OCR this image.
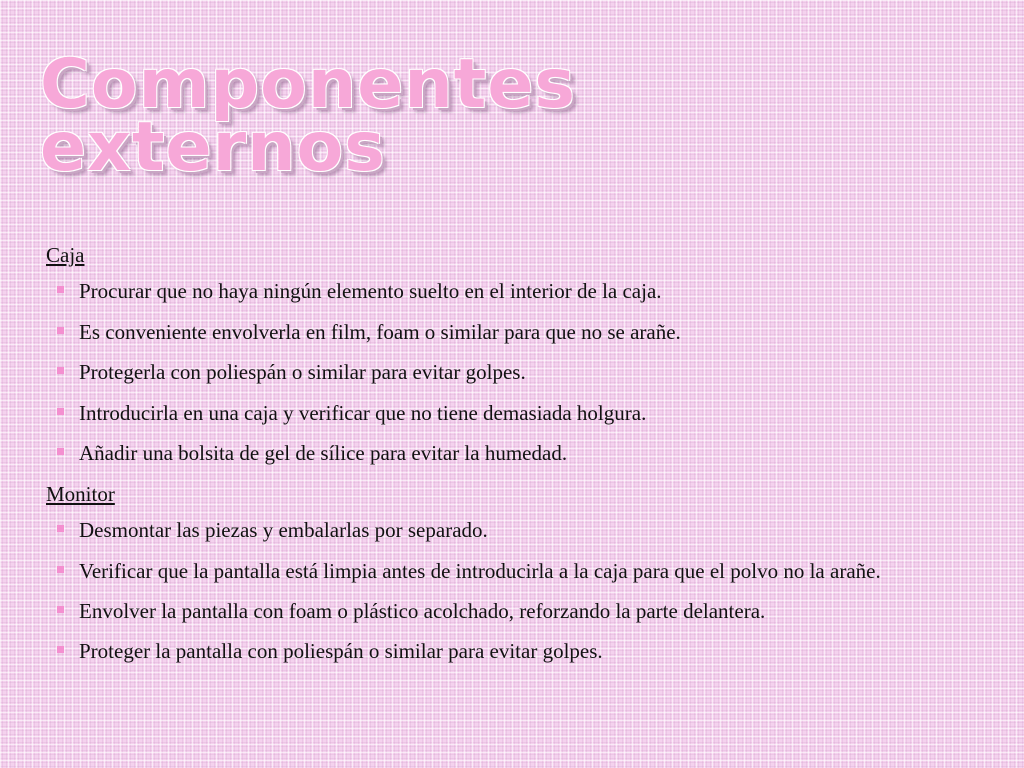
Componentes
externos

Caja

Procurar que no haya ningún elemento suelto en el interior de la caja.
Es conveniente envolverla en film, foam o similar para que no se arañe.
Protegerla con poliespán o similar para evitar golpes.
Introducirla en una caja y verificar que no tiene demasiada holgura.
Añadir una bolsita de gel de sílice para evitar la humedad.

Monitor

Desmontar las piezas y embalarlas por separado.
Verificar que la pantalla está limpia antes de introducirla a la caja para que el polvo no la arañe.
Envolver la pantalla con foam o plástico acolchado, reforzando la parte delantera.
Proteger la pantalla con poliespán o similar para evitar golpes.
